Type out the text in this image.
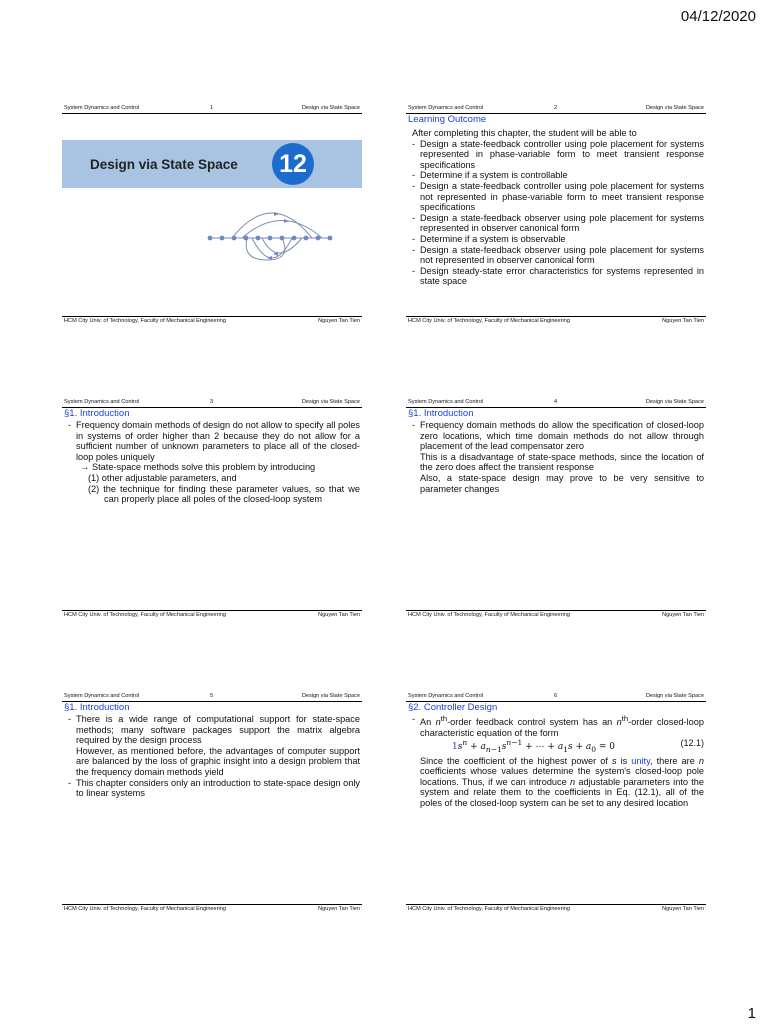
04/12/2020
System Dynamics and Control	1	Design via State Space
Design via State Space 12
HCM City Univ. of Technology, Faculty of Mechanical Engineering	Nguyen Tan Tien
System Dynamics and Control	2	Design via State Space
Learning Outcome

After completing this chapter, the student will be able to

- Design a state-feedback controller using pole placement for systems represented in phase-variable form to meet transient response specifications
- Determine if a system is controllable
- Design a state-feedback controller using pole placement for systems not represented in phase-variable form to meet transient response specifications
- Design a state-feedback observer using pole placement for systems represented in observer canonical form
- Determine if a system is observable
- Design a state-feedback observer using pole placement for systems not represented in observer canonical form
- Design steady-state error characteristics for systems represented in state space
HCM City Univ. of Technology, Faculty of Mechanical Engineering	Nguyen Tan Tien
System Dynamics and Control	3	Design via State Space
§1. Introduction
- Frequency domain methods of design do not allow to specify all poles in systems of order higher than 2 because they do not allow for a sufficient number of unknown parameters to place all of the closed-loop poles uniquely
→ State-space methods solve this problem by introducing

(1) other adjustable parameters, and

(2) the technique for finding these parameter values, so that we can properly place all poles of the closed-loop system

HCM City Univ. of Technology, Faculty of Mechanical Engineering	Nguyen Tan Tien
System Dynamics and Control	4	Design via State Space
§1. Introduction
- Frequency domain methods do allow the specification of closed-loop zero locations, which time domain methods do not allow through placement of the lead compensator zero

This is a disadvantage of state-space methods, since the location of the zero does affect the transient response

Also, a state-space design may prove to be very sensitive to parameter changes

HCM City Univ. of Technology, Faculty of Mechanical Engineering	Nguyen Tan Tien
System Dynamics and Control	5	Design via State Space
§1. Introduction
- There is a wide range of computational support for state-space methods; many software packages support the matrix algebra required by the design process

However, as mentioned before, the advantages of computer support are balanced by the loss of graphic insight into a design problem that the frequency domain methods yield

- This chapter considers only an introduction to state-space design only to linear systems
HCM City Univ. of Technology, Faculty of Mechanical Engineering	Nguyen Tan Tien
System Dynamics and Control	6	Design via State Space
§2. Controller Design
- An $n^{th}$-order feedback control system has an $n^{th}$-order closed-loop characteristic equation of the form
$1s^n + a_{n-1}s^{n-1}$ + ⋯ + $a_1s + a_0 = 0$	(12.1)

Since the coefficient of the highest power of s is unity, there are n coefficients whose values determine the system's closed-loop pole locations. Thus, if we can introduce n adjustable parameters into the system and relate them to the coefficients in Eq. (12.1), all of the poles of the closed-loop system can be set to any desired location

HCM City Univ. of Technology, Faculty of Mechanical Engineering	Nguyen Tan Tien
1
